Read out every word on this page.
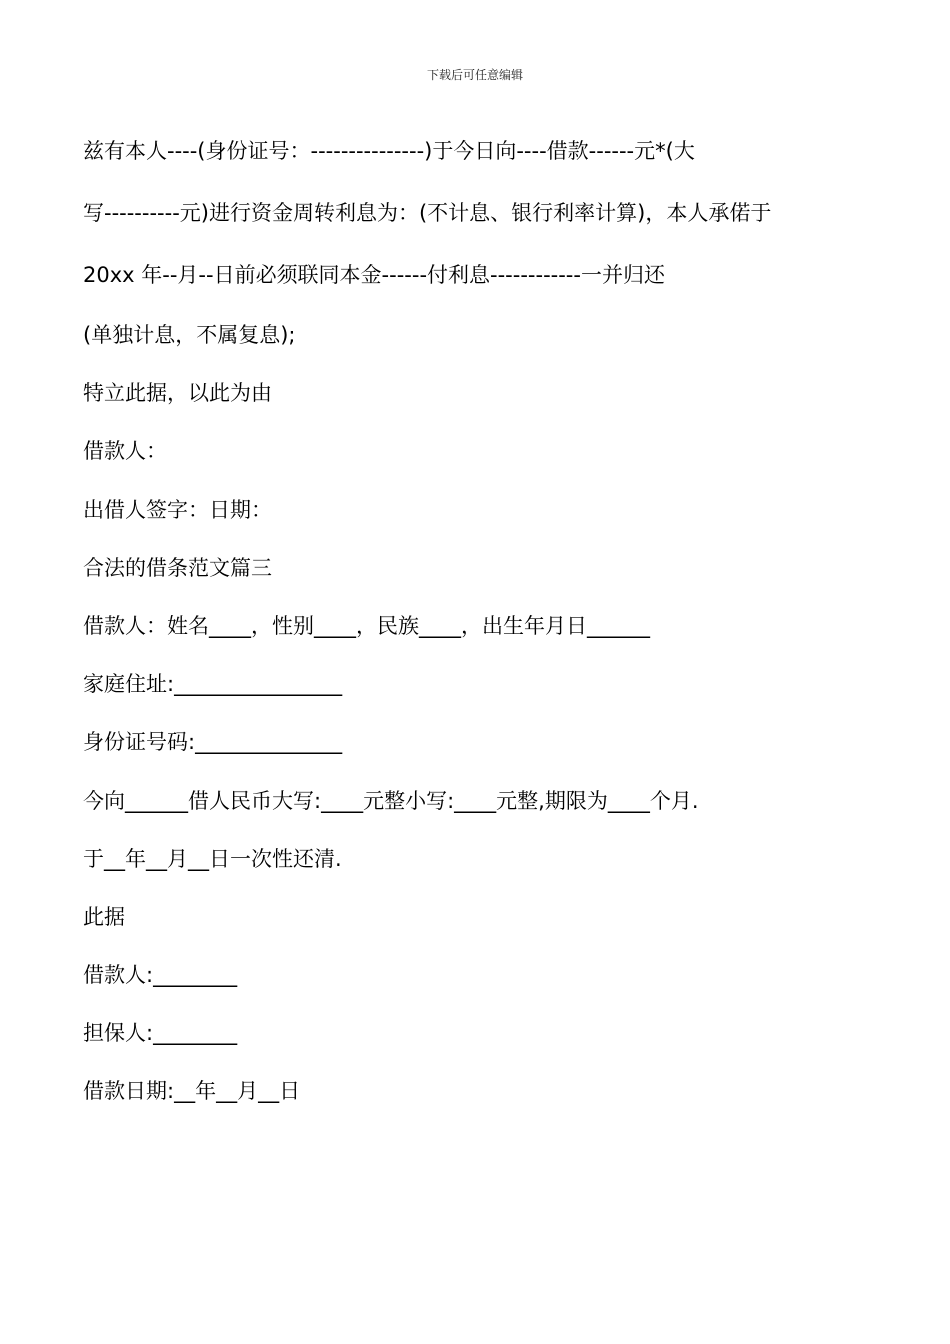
下载后可任意编辑

兹有本人----(身份证号：---------------)于今日向----借款------元*(大

写----------元)进行资金周转利息为：(不计息、银行利率计算)，本人承偌于

20xx 年--月--日前必须联同本金------付利息------------一并归还

(单独计息，不属复息);

特立此据，以此为由

借款人：

出借人签字：日期：

合法的借条范文篇三

借款人：姓名____，性别____，民族____，出生年月日______

家庭住址:________________

身份证号码:______________

今向______借人民币大写:____元整小写:____元整,期限为____个月.

于__年__月__日一次性还清.

此据

借款人:________

担保人:________

借款日期:__年__月__日
